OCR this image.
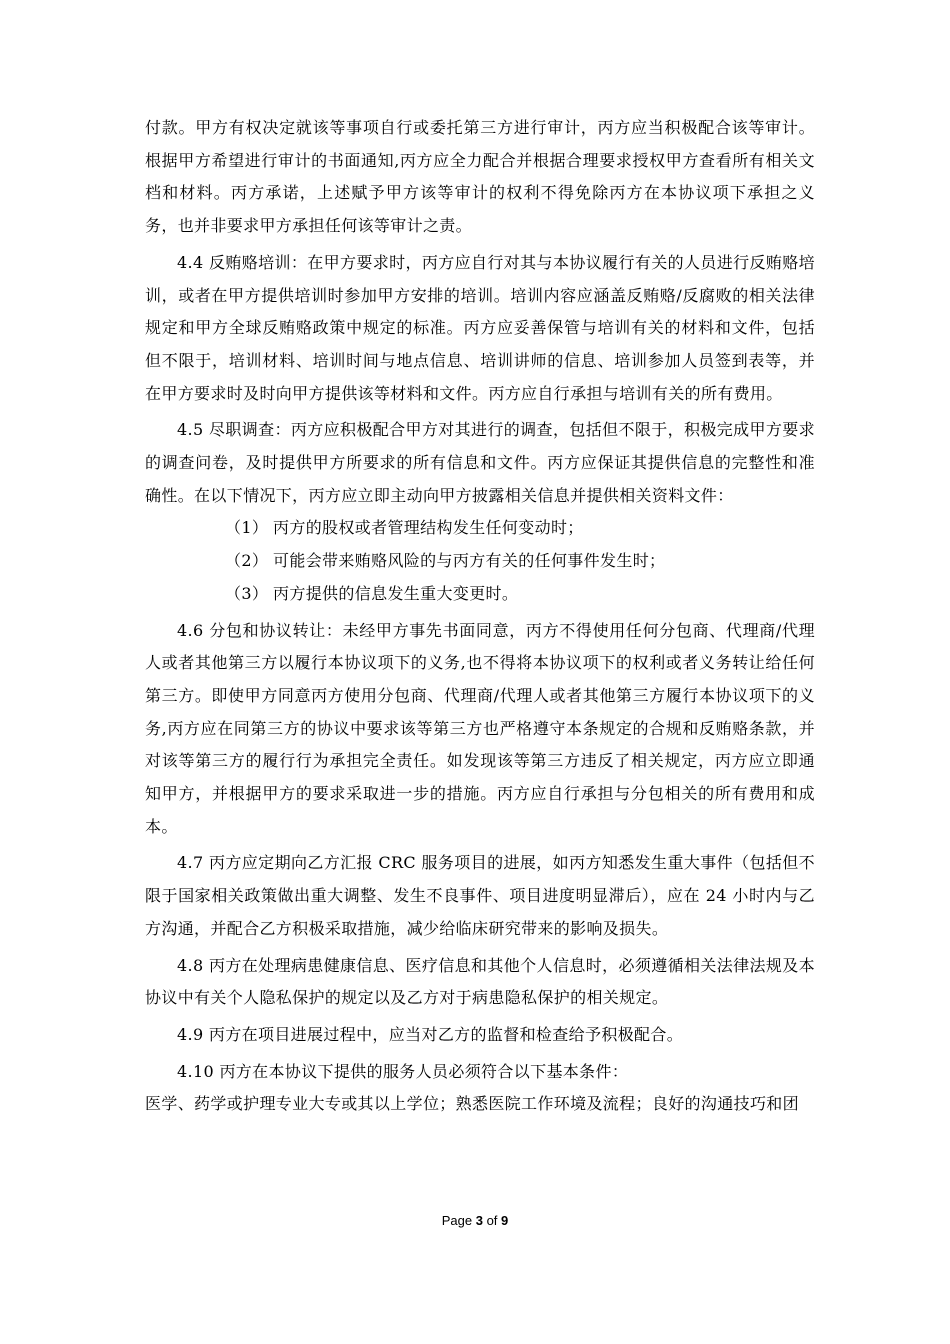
付款。甲方有权决定就该等事项自行或委托第三方进行审计，丙方应当积极配合该等审计。根据甲方希望进行审计的书面通知,丙方应全力配合并根据合理要求授权甲方查看所有相关文档和材料。丙方承诺，上述赋予甲方该等审计的权利不得免除丙方在本协议项下承担之义务，也并非要求甲方承担任何该等审计之责。

4.4 反贿赂培训：在甲方要求时，丙方应自行对其与本协议履行有关的人员进行反贿赂培训，或者在甲方提供培训时参加甲方安排的培训。培训内容应涵盖反贿赂/反腐败的相关法律规定和甲方全球反贿赂政策中规定的标准。丙方应妥善保管与培训有关的材料和文件，包括但不限于，培训材料、培训时间与地点信息、培训讲师的信息、培训参加人员签到表等，并在甲方要求时及时向甲方提供该等材料和文件。丙方应自行承担与培训有关的所有费用。

4.5 尽职调查：丙方应积极配合甲方对其进行的调查，包括但不限于，积极完成甲方要求的调查问卷，及时提供甲方所要求的所有信息和文件。丙方应保证其提供信息的完整性和准确性。在以下情况下，丙方应立即主动向甲方披露相关信息并提供相关资料文件：

（1） 丙方的股权或者管理结构发生任何变动时；

（2） 可能会带来贿赂风险的与丙方有关的任何事件发生时；

（3） 丙方提供的信息发生重大变更时。

4.6 分包和协议转让：未经甲方事先书面同意，丙方不得使用任何分包商、代理商/代理人或者其他第三方以履行本协议项下的义务,也不得将本协议项下的权利或者义务转让给任何第三方。即使甲方同意丙方使用分包商、代理商/代理人或者其他第三方履行本协议项下的义务,丙方应在同第三方的协议中要求该等第三方也严格遵守本条规定的合规和反贿赂条款，并对该等第三方的履行行为承担完全责任。如发现该等第三方违反了相关规定，丙方应立即通知甲方，并根据甲方的要求采取进一步的措施。丙方应自行承担与分包相关的所有费用和成本。

4.7 丙方应定期向乙方汇报 CRC 服务项目的进展，如丙方知悉发生重大事件（包括但不限于国家相关政策做出重大调整、发生不良事件、项目进度明显滞后），应在 24 小时内与乙方沟通，并配合乙方积极采取措施，减少给临床研究带来的影响及损失。

4.8 丙方在处理病患健康信息、医疗信息和其他个人信息时，必须遵循相关法律法规及本协议中有关个人隐私保护的规定以及乙方对于病患隐私保护的相关规定。

4.9 丙方在项目进展过程中，应当对乙方的监督和检查给予积极配合。

4.10 丙方在本协议下提供的服务人员必须符合以下基本条件：

医学、药学或护理专业大专或其以上学位；熟悉医院工作环境及流程；良好的沟通技巧和团

Page 3 of 9
